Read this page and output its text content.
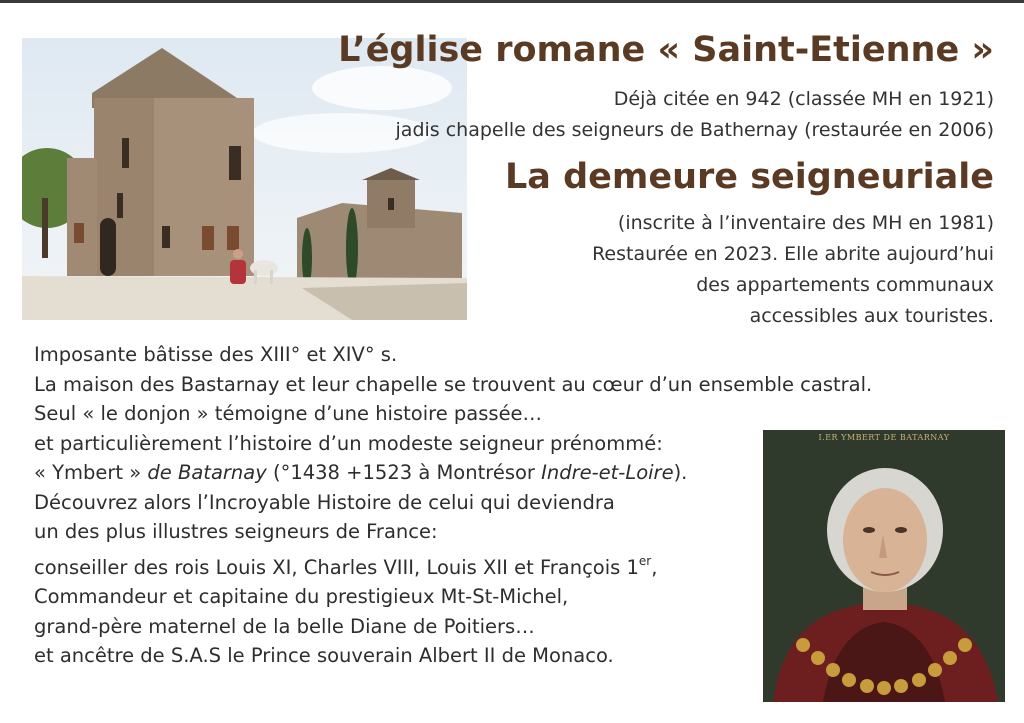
L’église romane « Saint-Etienne »
Déjà citée en 942 (classée MH en 1921)
jadis chapelle des seigneurs de Bathernay (restaurée en 2006)
La demeure seigneuriale
(inscrite à l’inventaire des MH en 1981)
Restaurée en 2023. Elle abrite aujourd’hui
des appartements communaux
accessibles aux touristes.
Imposante bâtisse des XIII° et XIV° s.
La maison des Bastarnay et leur chapelle se trouvent au cœur d’un ensemble castral.
Seul « le donjon » témoigne d’une histoire passée…
et particulièrement l’histoire d’un modeste seigneur prénommé:
« Ymbert » de Batarnay (°1438 +1523 à Montrésor Indre-et-Loire).
Découvrez alors l’Incroyable Histoire de celui qui deviendra
un des plus illustres seigneurs de France:
conseiller des rois Louis XI, Charles VIII, Louis XII et François 1er,
Commandeur et capitaine du prestigieux Mt-St-Michel,
grand-père maternel de la belle Diane de Poitiers…
et ancêtre de S.A.S le Prince souverain Albert II de Monaco.
I.ER YMBERT DE BATARNAY
